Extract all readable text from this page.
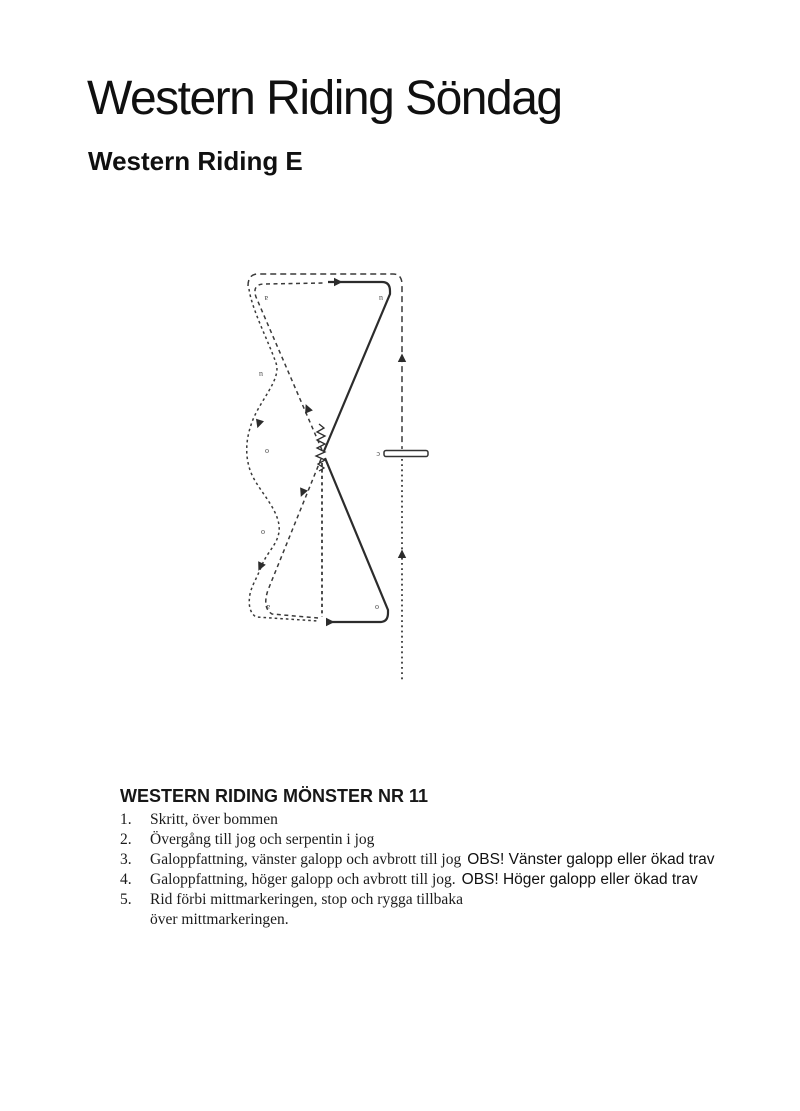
Western Riding Söndag
Western Riding E
a	u
u
o
o
a	o
c
WESTERN RIDING MÖNSTER NR 11
1.	Skritt, över bommen
2.	Övergång till jog och serpentin i jog
3.	Galoppfattning, vänster galopp och avbrott till jog OBS! Vänster galopp eller ökad trav
4.	Galoppfattning, höger galopp och avbrott till jog. OBS! Höger galopp eller ökad trav
5.	Rid förbi mittmarkeringen, stop och rygga tillbaka
över mittmarkeringen.
